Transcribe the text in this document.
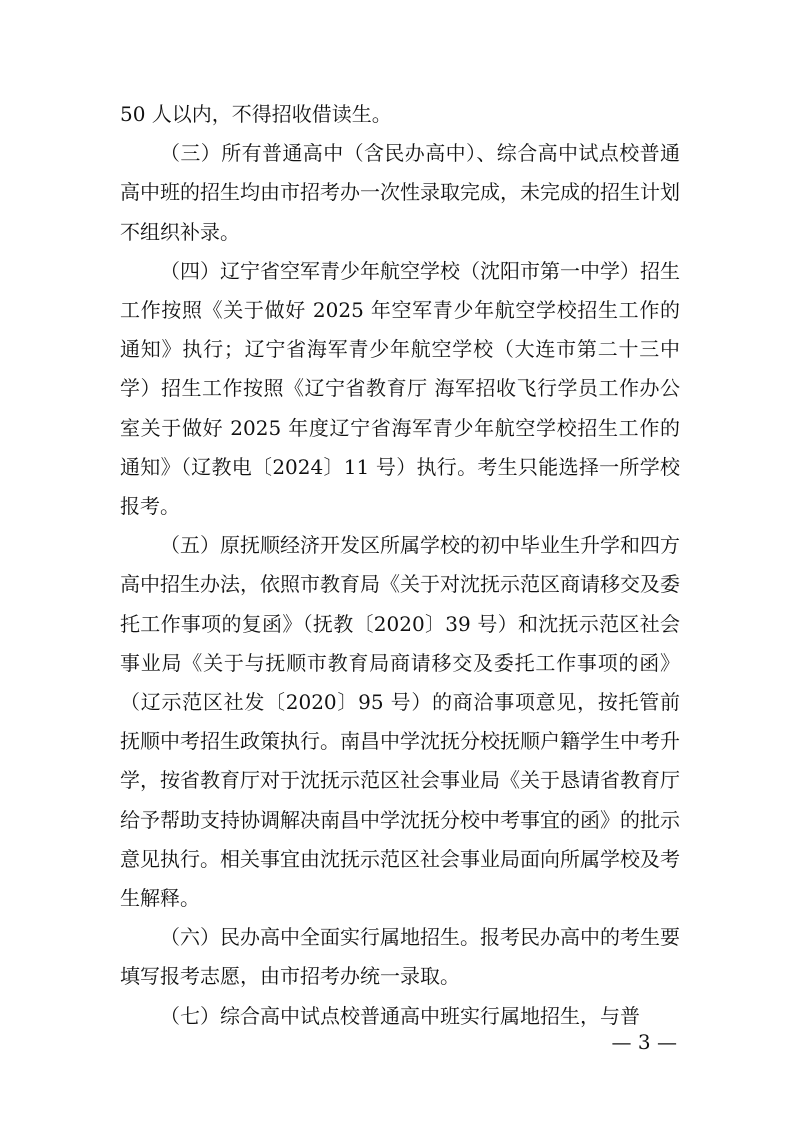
50 人以内，不得招收借读生。

（三）所有普通高中（含民办高中）、综合高中试点校普通高中班的招生均由市招考办一次性录取完成，未完成的招生计划不组织补录。

（四）辽宁省空军青少年航空学校（沈阳市第一中学）招生工作按照《关于做好 2025 年空军青少年航空学校招生工作的通知》执行；辽宁省海军青少年航空学校（大连市第二十三中学）招生工作按照《辽宁省教育厅 海军招收飞行学员工作办公室关于做好 2025 年度辽宁省海军青少年航空学校招生工作的通知》（辽教电〔2024〕11 号）执行。考生只能选择一所学校报考。

（五）原抚顺经济开发区所属学校的初中毕业生升学和四方高中招生办法，依照市教育局《关于对沈抚示范区商请移交及委托工作事项的复函》（抚教〔2020〕39 号）和沈抚示范区社会事业局《关于与抚顺市教育局商请移交及委托工作事项的函》（辽示范区社发〔2020〕95 号）的商洽事项意见，按托管前抚顺中考招生政策执行。南昌中学沈抚分校抚顺户籍学生中考升学，按省教育厅对于沈抚示范区社会事业局《关于恳请省教育厅给予帮助支持协调解决南昌中学沈抚分校中考事宜的函》的批示意见执行。相关事宜由沈抚示范区社会事业局面向所属学校及考生解释。

（六）民办高中全面实行属地招生。报考民办高中的考生要填写报考志愿，由市招考办统一录取。

（七）综合高中试点校普通高中班实行属地招生，与普

— 3 —
